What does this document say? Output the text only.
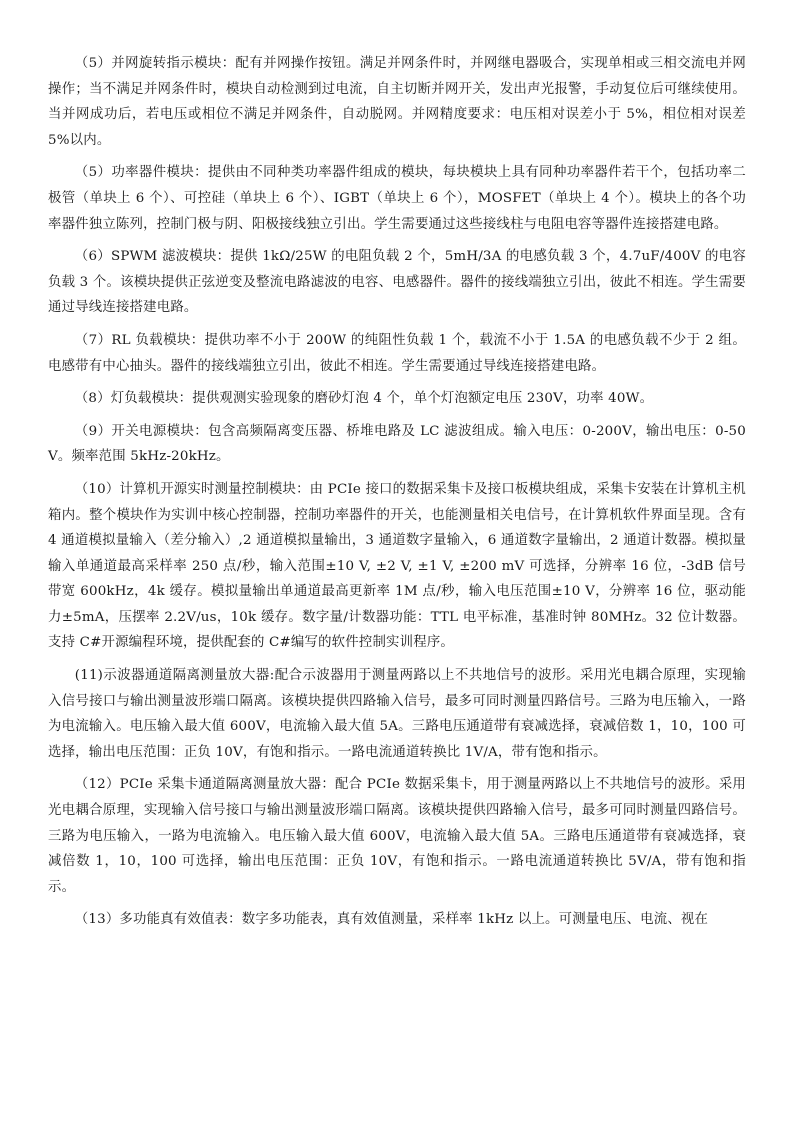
（5）并网旋转指示模块：配有并网操作按钮。满足并网条件时，并网继电器吸合，实现单相或三相交流电并网操作；当不满足并网条件时，模块自动检测到过电流，自主切断并网开关，发出声光报警，手动复位后可继续使用。当并网成功后，若电压或相位不满足并网条件，自动脱网。并网精度要求：电压相对误差小于 5%，相位相对误差 5%以内。

（5）功率器件模块：提供由不同种类功率器件组成的模块，每块模块上具有同种功率器件若干个，包括功率二极管（单块上 6 个）、可控硅（单块上 6 个）、IGBT（单块上 6 个），MOSFET（单块上 4 个）。模块上的各个功率器件独立陈列，控制门极与阴、阳极接线独立引出。学生需要通过这些接线柱与电阻电容等器件连接搭建电路。

（6）SPWM 滤波模块：提供 1kΩ/25W 的电阻负载 2 个，5mH/3A 的电感负载 3 个，4.7uF/400V 的电容负载 3 个。该模块提供正弦逆变及整流电路滤波的电容、电感器件。器件的接线端独立引出，彼此不相连。学生需要通过导线连接搭建电路。

（7）RL 负载模块：提供功率不小于 200W 的纯阻性负载 1 个，载流不小于 1.5A 的电感负载不少于 2 组。电感带有中心抽头。器件的接线端独立引出，彼此不相连。学生需要通过导线连接搭建电路。

（8）灯负载模块：提供观测实验现象的磨砂灯泡 4 个，单个灯泡额定电压 230V，功率 40W。

（9）开关电源模块：包含高频隔离变压器、桥堆电路及 LC 滤波组成。输入电压：0-200V，输出电压：0-50V。频率范围 5kHz-20kHz。

（10）计算机开源实时测量控制模块：由 PCIe 接口的数据采集卡及接口板模块组成，采集卡安装在计算机主机箱内。整个模块作为实训中核心控制器，控制功率器件的开关，也能测量相关电信号，在计算机软件界面呈现。含有 4 通道模拟量输入（差分输入）,2 通道模拟量输出，3 通道数字量输入，6 通道数字量输出，2 通道计数器。模拟量输入单通道最高采样率 250 点/秒，输入范围±10 V, ±2 V, ±1 V, ±200 mV 可选择，分辨率 16 位，-3dB 信号带宽 600kHz，4k 缓存。模拟量输出单通道最高更新率 1M 点/秒，输入电压范围±10 V，分辨率 16 位，驱动能力±5mA，压摆率 2.2V/us，10k 缓存。数字量/计数器功能：TTL 电平标准，基准时钟 80MHz。32 位计数器。支持 C#开源编程环境，提供配套的 C#编写的软件控制实训程序。

(11)示波器通道隔离测量放大器:配合示波器用于测量两路以上不共地信号的波形。采用光电耦合原理，实现输入信号接口与输出测量波形端口隔离。该模块提供四路输入信号，最多可同时测量四路信号。三路为电压输入，一路为电流输入。电压输入最大值 600V，电流输入最大值 5A。三路电压通道带有衰减选择，衰减倍数 1，10，100 可选择，输出电压范围：正负 10V，有饱和指示。一路电流通道转换比 1V/A，带有饱和指示。

（12）PCIe 采集卡通道隔离测量放大器：配合 PCIe 数据采集卡，用于测量两路以上不共地信号的波形。采用光电耦合原理，实现输入信号接口与输出测量波形端口隔离。该模块提供四路输入信号，最多可同时测量四路信号。三路为电压输入，一路为电流输入。电压输入最大值 600V，电流输入最大值 5A。三路电压通道带有衰减选择，衰减倍数 1，10，100 可选择，输出电压范围：正负 10V，有饱和指示。一路电流通道转换比 5V/A，带有饱和指示。

（13）多功能真有效值表：数字多功能表，真有效值测量，采样率 1kHz 以上。可测量电压、电流、视在
